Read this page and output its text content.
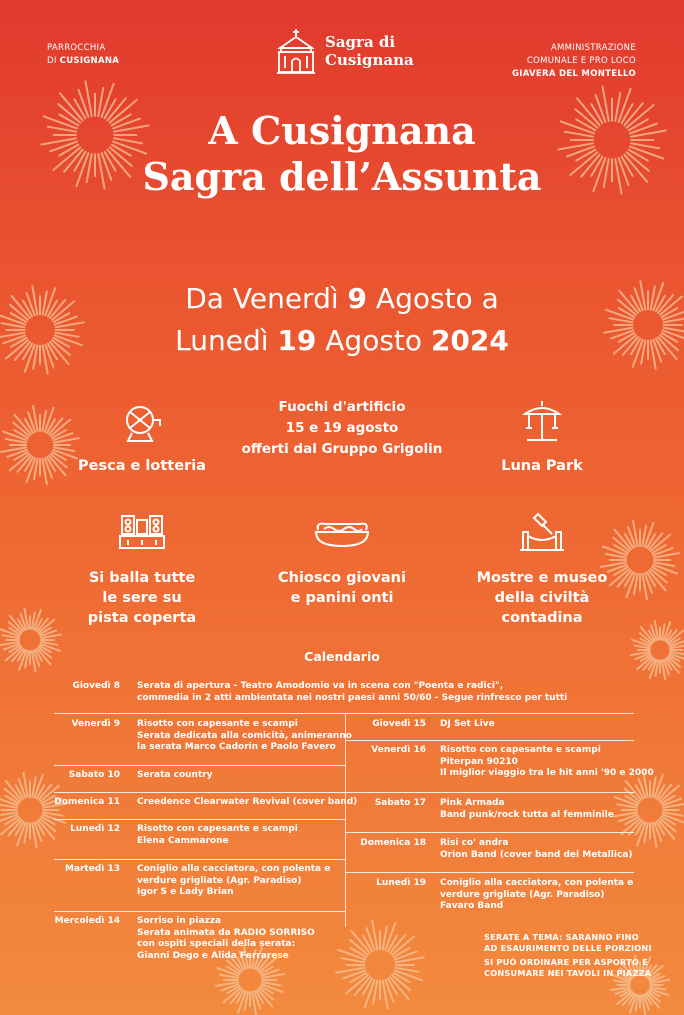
PARROCCHIA
DI CUSIGNANA
Sagra di
Cusignana
AMMINISTRAZIONE
COMUNALE E PRO LOCO
GIAVERA DEL MONTELLO
A Cusignana
Sagra dell’Assunta
Da Venerdì 9 Agosto a
Lunedì 19 Agosto 2024
Pesca e lotteria
Fuochi d'artificio
15 e 19 agosto
offerti dal Gruppo Grigolin
Luna Park
Si balla tutte
le sere su
pista coperta
Chiosco giovani
e panini onti
Mostre e museo
della civiltà
contadina
Calendario
Giovedì 8 Serata di apertura - Teatro Amodomio va in scena con "Poenta e radici",
commedia in 2 atti ambientata nei nostri paesi anni 50/60 - Segue rinfresco per tutti
Venerdì 9 Risotto con capesante e scampi
Serata dedicata alla comicità, animeranno
la serata Marco Cadorin e Paolo Favero
Sabato 10 Serata country
Domenica 11 Creedence Clearwater Revival (cover band)
Lunedì 12 Risotto con capesante e scampi
Elena Cammarone
Martedì 13 Coniglio alla cacciatora, con polenta e
verdure grigliate (Agr. Paradiso)
Igor S e Lady Brian
Mercoledì 14 Sorriso in piazza
Serata animata da RADIO SORRISO
con ospiti speciali della serata:
Gianni Dego e Alida Ferrarese
Giovedì 15 DJ Set Live
Venerdì 16 Risotto con capesante e scampi
Piterpan 90210
Il miglior viaggio tra le hit anni '90 e 2000
Sabato 17 Pink Armada
Band punk/rock tutta al femminile
Domenica 18 Risi co' andra
Orion Band (cover band dei Metallica)
Lunedì 19 Coniglio alla cacciatora, con polenta e
verdure grigliate (Agr. Paradiso)
Favaro Band
SERATE A TEMA: SARANNO FINO
AD ESAURIMENTO DELLE PORZIONI
SI PUÒ ORDINARE PER ASPORTO E
CONSUMARE NEI TAVOLI IN PIAZZA
